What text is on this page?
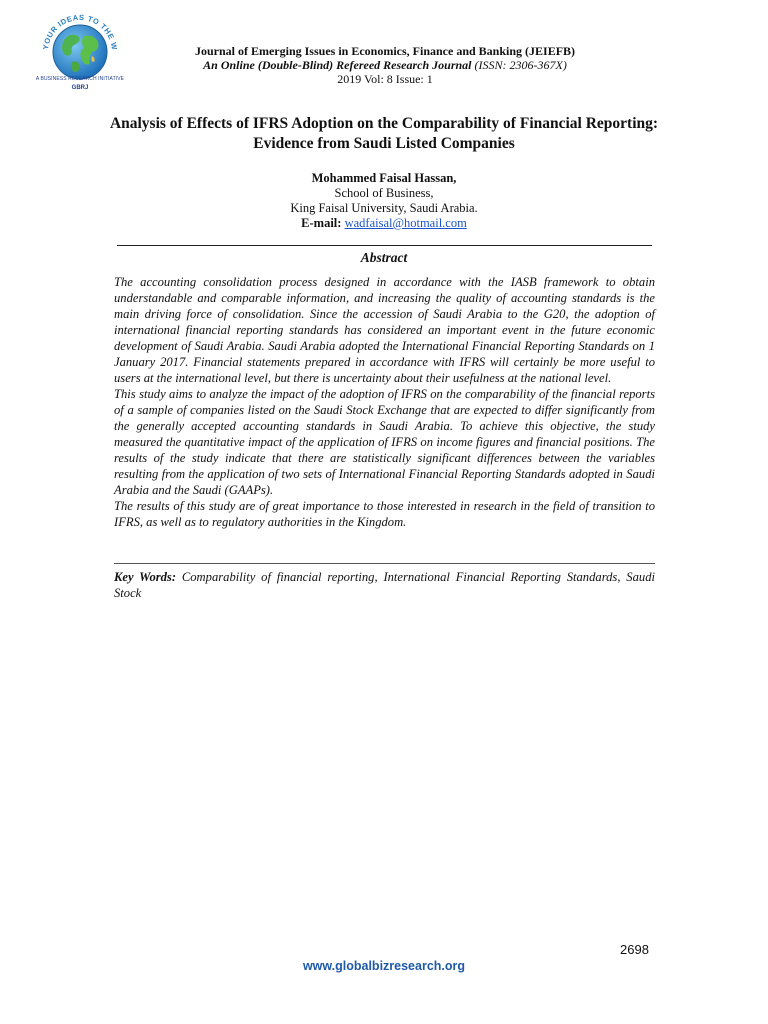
YOUR IDEAS TO THE W
A BUSINESS RESEARCH INITIATIVE
GBRJ
Journal of Emerging Issues in Economics, Finance and Banking (JEIEFB)
An Online (Double-Blind) Refereed Research Journal (ISSN: 2306-367X)
2019 Vol: 8 Issue: 1
Analysis of Effects of IFRS Adoption on the Comparability of Financial Reporting: Evidence from Saudi Listed Companies
Mohammed Faisal Hassan,
School of Business,
King Faisal University, Saudi Arabia.
E-mail: wadfaisal@hotmail.com
Abstract

The accounting consolidation process designed in accordance with the IASB framework to obtain understandable and comparable information, and increasing the quality of accounting standards is the main driving force of consolidation. Since the accession of Saudi Arabia to the G20, the adoption of international financial reporting standards has considered an important event in the future economic development of Saudi Arabia. Saudi Arabia adopted the International Financial Reporting Standards on 1 January 2017. Financial statements prepared in accordance with IFRS will certainly be more useful to users at the international level, but there is uncertainty about their usefulness at the national level.

This study aims to analyze the impact of the adoption of IFRS on the comparability of the financial reports of a sample of companies listed on the Saudi Stock Exchange that are expected to differ significantly from the generally accepted accounting standards in Saudi Arabia. To achieve this objective, the study measured the quantitative impact of the application of IFRS on income figures and financial positions. The results of the study indicate that there are statistically significant differences between the variables resulting from the application of two sets of International Financial Reporting Standards adopted in Saudi Arabia and the Saudi (GAAPs).

The results of this study are of great importance to those interested in research in the field of transition to IFRS, as well as to regulatory authorities in the Kingdom.

Key Words: Comparability of financial reporting, International Financial Reporting Standards, Saudi Stock
2698
www.globalbizresearch.org
